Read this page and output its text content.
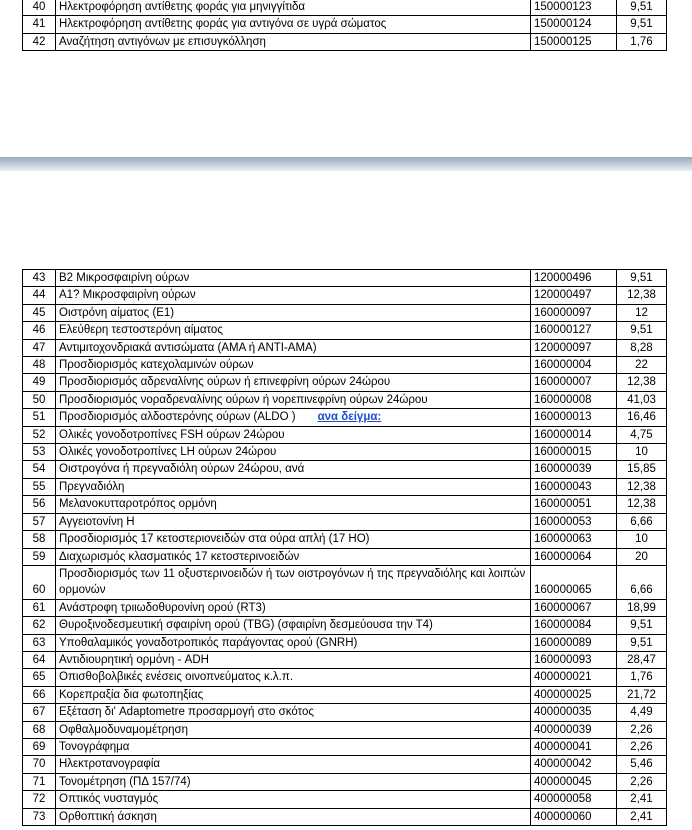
40	Ηλεκτροφόρηση αντίθετης φοράς για μηνιγγίτιδα	150000123	9,51
41	Ηλεκτροφόρηση αντίθετης φοράς για αντιγόνα σε υγρά σώματος	150000124	9,51
42	Αναζήτηση αντιγόνων με επισυγκόλληση	150000125	1,76
43	Β2 Μικροσφαιρίνη ούρων	120000496	9,51
44	Α1? Μικροσφαιρίνη ούρων	120000497	12,38
45	Οιστρόνη αίματος (Ε1)	160000097	12
46	Ελεύθερη τεστοστερόνη αίματος	160000127	9,51
47	Αντιμιτοχονδριακά αντισώματα (ΑΜΑ ή ΑΝΤΙ-ΑΜΑ)	120000097	8,28
48	Προσδιορισμός κατεχολαμινών ούρων	160000004	22
49	Προσδιορισμός αδρεναλίνης ούρων ή επινεφρίνη ούρων 24ώρου	160000007	12,38
50	Προσδιορισμός νοραδρεναλίνης ούρων ή νορεπινεφρίνη ούρων 24ώρου	160000008	41,03
51	Προσδιορισμός αλδοστερόνης ούρων (ALDO ) ανα δείγμα:	160000013	16,46
52	Ολικές γονοδοτροπίνες FSH ούρων 24ώρου	160000014	4,75
53	Ολικές γονοδοτροπίνες LH ούρων 24ώρου	160000015	10
54	Οιστρογόνα ή πρεγναδιόλη ούρων 24ώρου, ανά	160000039	15,85
55	Πρεγναδιόλη	160000043	12,38
56	Μελανοκυτταροτρόπος ορμόνη	160000051	12,38
57	Αγγειοτονίνη Η	160000053	6,66
58	Προσδιορισμός 17 κετοστεριονειδών στα ούρα απλή (17 ΗΟ)	160000063	10
59	Διαχωρισμός κλασματικός 17 κετοστερινοειδών	160000064	20
60	Προσδιορισμός των 11 οξυστερινοειδών ή των οιστρογόνων ή της πρεγναδιόλης και λοιπών ορμονών	160000065	6,66
61	Ανάστροφη τριιωδοθυρονίνη ορού (RT3)	160000067	18,99
62	Θυροξινοδεσμευτική σφαιρίνη ορού (TBG) (σφαιρίνη δεσμεύουσα την Τ4)	160000084	9,51
63	Υποθαλαμικός γοναδοτροπικός παράγοντας ορού (GNRH)	160000089	9,51
64	Αντιδιουρητική ορμόνη - ADH	160000093	28,47
65	Οπισθοβολβικές ενέσεις οινοπνεύματος κ.λ.π.	400000021	1,76
66	Κορεπραξία δια φωτοπηξίας	400000025	21,72
67	Εξέταση δι' Adaptometre προσαρμογή στο σκότος	400000035	4,49
68	Οφθαλμοδυναμομέτρηση	400000039	2,26
69	Τονογράφημα	400000041	2,26
70	Ηλεκτροτανογραφία	400000042	5,46
71	Τονομέτρηση (ΠΔ 157/74)	400000045	2,26
72	Οπτικός νυσταγμός	400000058	2,41
73	Ορθοπτική άσκηση	400000060	2,41
